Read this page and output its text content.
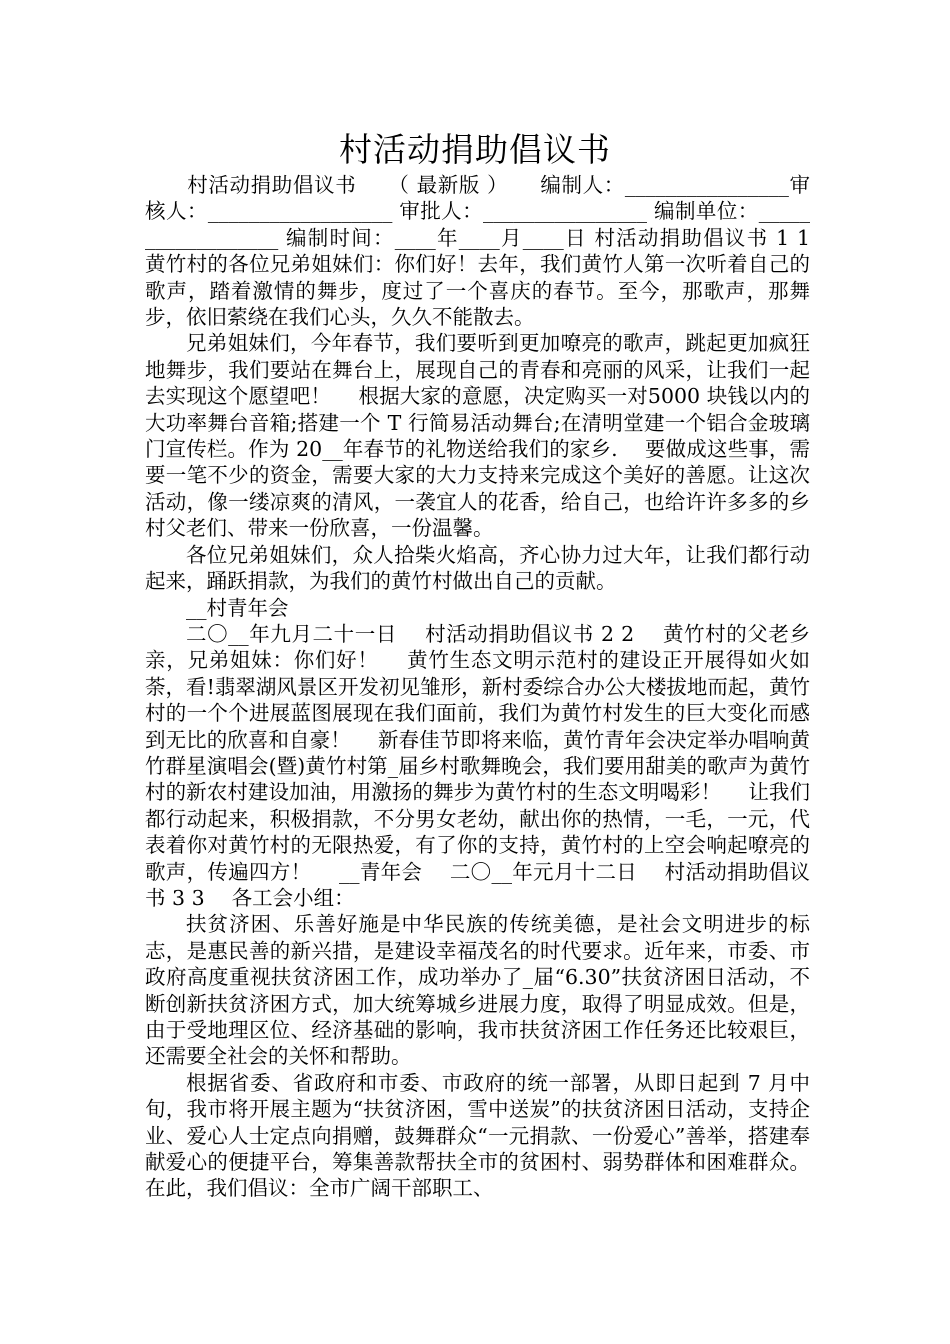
村活动捐助倡议书

　　村活动捐助倡议书　　（ 最新版 ）　　编制人：________________审核人：__________________ 审批人：________________ 编制单位：__________________ 编制时间：____年____月____日 村活动捐助倡议书 1 1　 黄竹村的各位兄弟姐妹们：你们好！去年，我们黄竹人第一次听着自己的歌声，踏着激情的舞步，度过了一个喜庆的春节。至今，那歌声，那舞步，依旧萦绕在我们心头，久久不能散去。

兄弟姐妹们，今年春节，我们要听到更加嘹亮的歌声，跳起更加疯狂地舞步，我们要站在舞台上，展现自己的青春和亮丽的风采，让我们一起去实现这个愿望吧！　 根据大家的意愿，决定购买一对5000 块钱以内的大功率舞台音箱;搭建一个 T 行简易活动舞台;在清明堂建一个铝合金玻璃门宣传栏。作为 20__年春节的礼物送给我们的家乡.　 要做成这些事，需要一笔不少的资金，需要大家的大力支持来完成这个美好的善愿。让这次活动，像一缕凉爽的清风，一袭宜人的花香，给自己，也给许许多多的乡村父老们、带来一份欣喜，一份温馨。

各位兄弟姐妹们，众人拾柴火焰高，齐心协力过大年，让我们都行动起来，踊跃捐款，为我们的黄竹村做出自己的贡献。

__村青年会

二〇__年九月二十一日　 村活动捐助倡议书 2 2　 黄竹村的父老乡亲，兄弟姐妹：你们好！　 黄竹生态文明示范村的建设正开展得如火如荼，看!翡翠湖风景区开发初见雏形，新村委综合办公大楼拔地而起，黄竹村的一个个进展蓝图展现在我们面前，我们为黄竹村发生的巨大变化而感到无比的欣喜和自豪！　 新春佳节即将来临，黄竹青年会决定举办唱响黄竹群星演唱会(暨)黄竹村第_届乡村歌舞晚会，我们要用甜美的歌声为黄竹村的新农村建设加油，用激扬的舞步为黄竹村的生态文明喝彩！　 让我们都行动起来，积极捐款，不分男女老幼，献出你的热情，一毛，一元，代表着你对黄竹村的无限热爱，有了你的支持，黄竹村的上空会响起嘹亮的歌声，传遍四方！　 __青年会　 二〇__年元月十二日　 村活动捐助倡议书 3 3　 各工会小组：

扶贫济困、乐善好施是中华民族的传统美德，是社会文明进步的标志，是惠民善的新兴措，是建设幸福茂名的时代要求。近年来，市委、市政府高度重视扶贫济困工作，成功举办了_届“6.30”扶贫济困日活动，不断创新扶贫济困方式，加大统筹城乡进展力度，取得了明显成效。但是，由于受地理区位、经济基础的影响，我市扶贫济困工作任务还比较艰巨，还需要全社会的关怀和帮助。

根据省委、省政府和市委、市政府的统一部署，从即日起到 7 月中旬，我市将开展主题为“扶贫济困，雪中送炭”的扶贫济困日活动，支持企业、爱心人士定点向捐赠，鼓舞群众“一元捐款、一份爱心”善举，搭建奉献爱心的便捷平台，筹集善款帮扶全市的贫困村、弱势群体和困难群众。在此，我们倡议：全市广阔干部职工、
